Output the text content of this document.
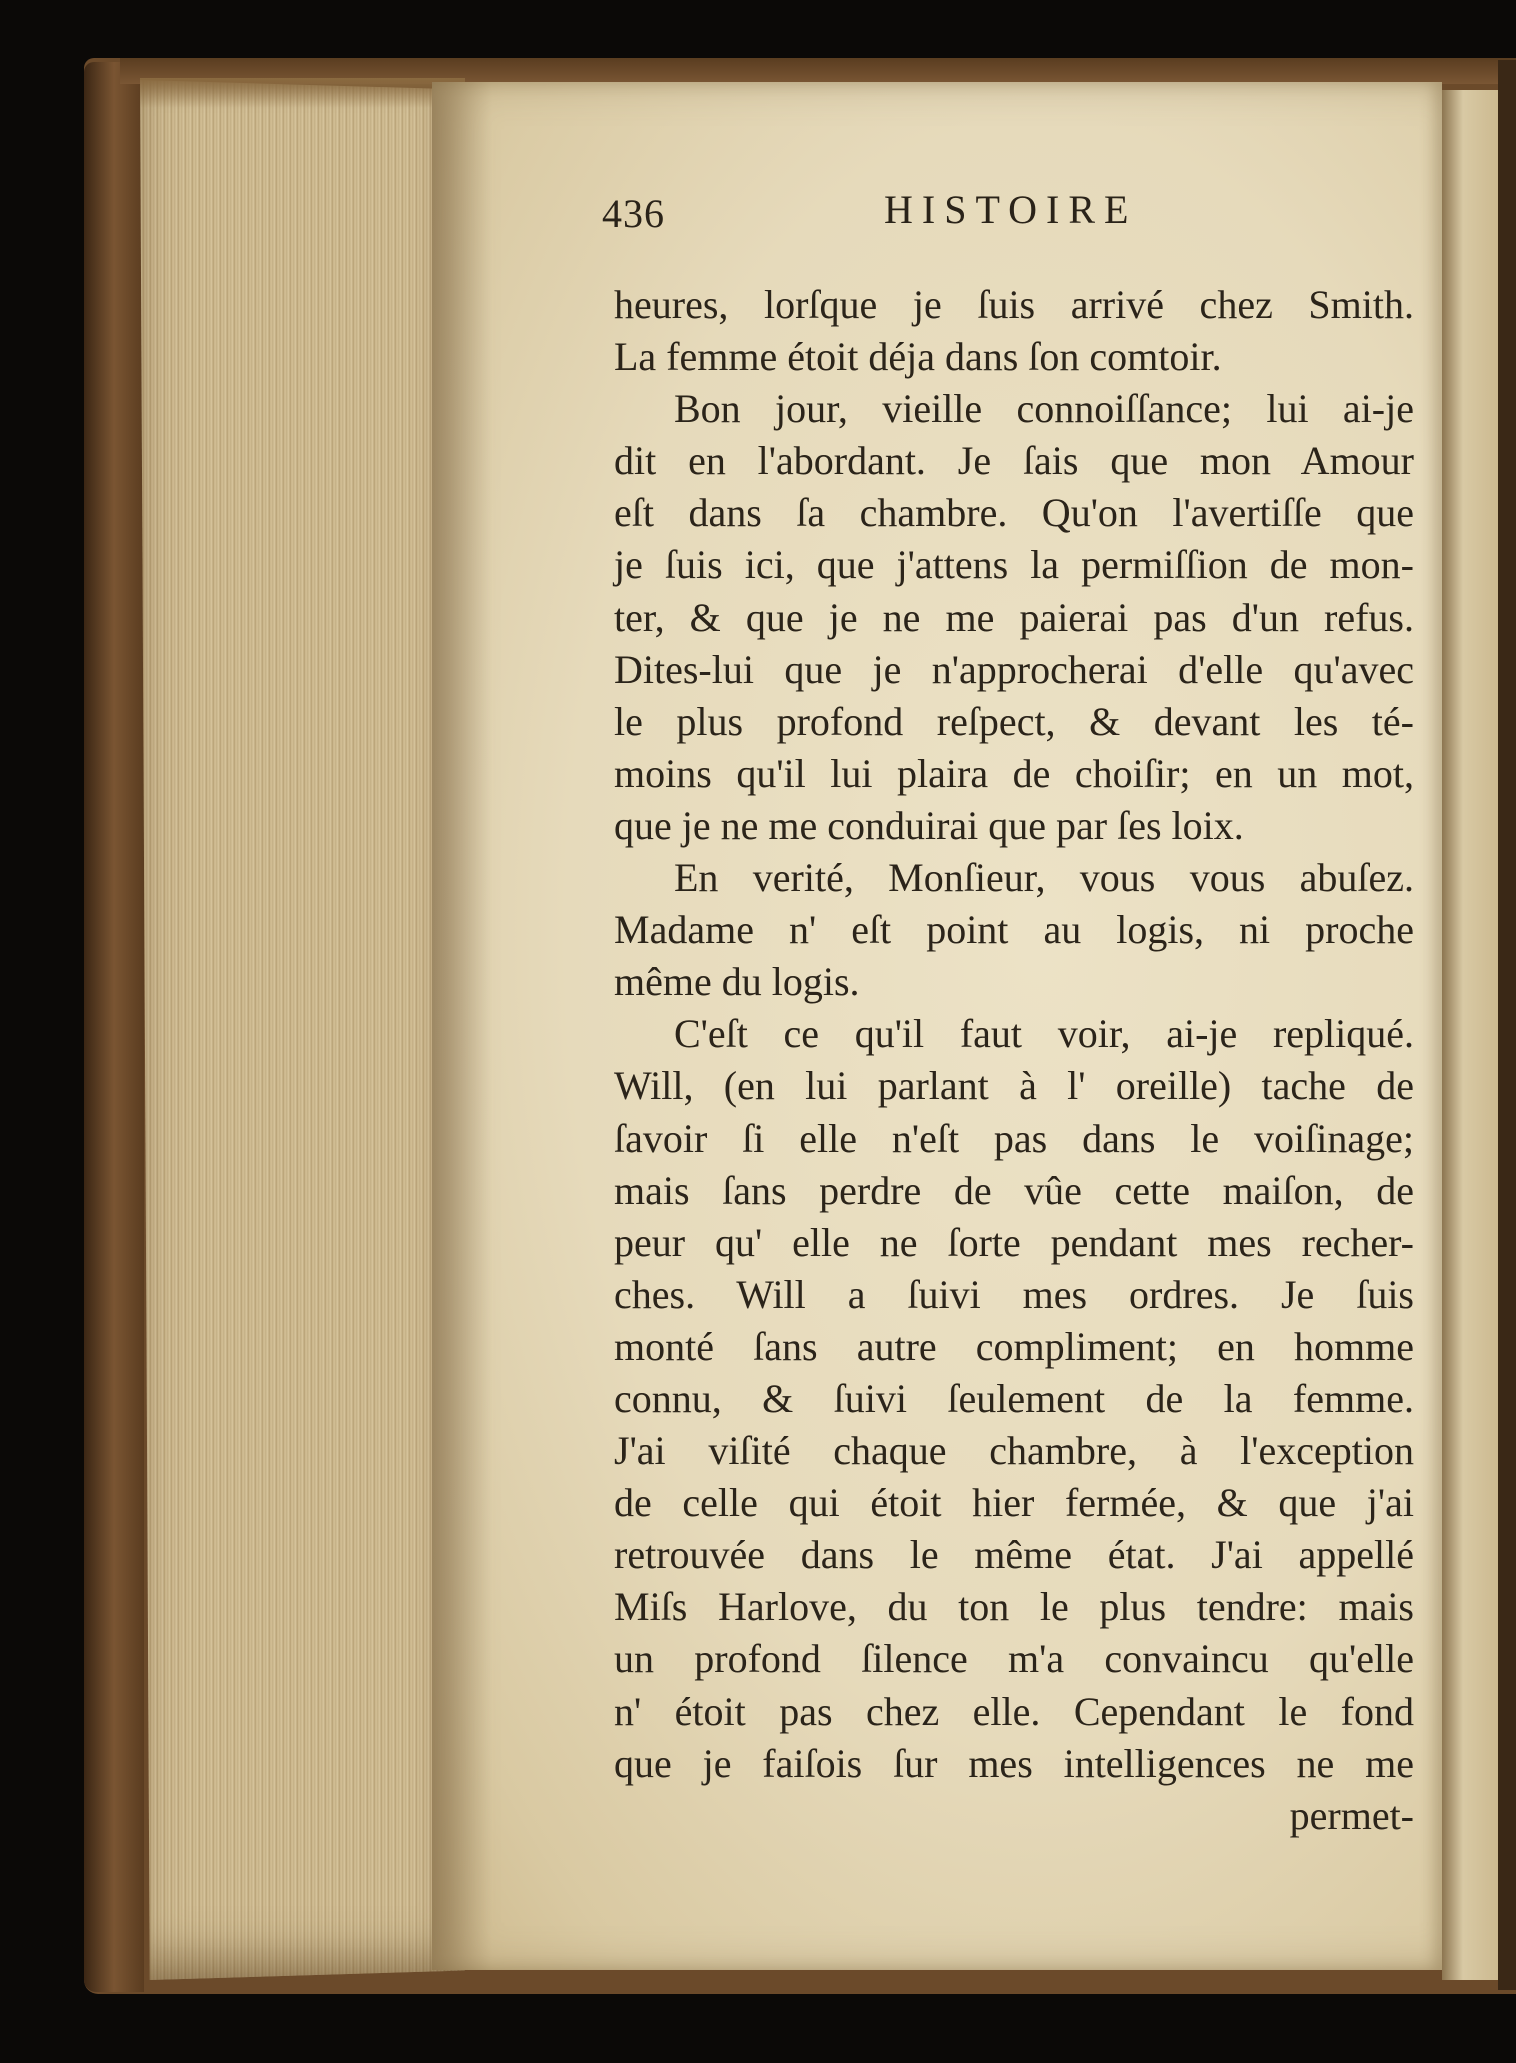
436	HISTOIRE
heures, lorſque je ſuis arrivé chez Smith.
La femme étoit déja dans ſon comtoir.
Bon jour, vieille connoiſſance; lui ai-je
dit en l'abordant. Je ſais que mon Amour
eſt dans ſa chambre. Qu'on l'avertiſſe que
je ſuis ici, que j'attens la permiſſion de mon-
ter, & que je ne me paierai pas d'un refus.
Dites-lui que je n'approcherai d'elle qu'avec
le plus profond reſpect, & devant les té-
moins qu'il lui plaira de choiſir; en un mot,
que je ne me conduirai que par ſes loix.
En verité, Monſieur, vous vous abuſez.
Madame n' eſt point au logis, ni proche
même du logis.
C'eſt ce qu'il faut voir, ai-je repliqué.
Will, (en lui parlant à l' oreille) tache de
ſavoir ſi elle n'eſt pas dans le voiſinage;
mais ſans perdre de vûe cette maiſon, de
peur qu' elle ne ſorte pendant mes recher-
ches. Will a ſuivi mes ordres. Je ſuis
monté ſans autre compliment; en homme
connu, & ſuivi ſeulement de la femme.
J'ai viſité chaque chambre, à l'exception
de celle qui étoit hier fermée, & que j'ai
retrouvée dans le même état. J'ai appellé
Miſs Harlove, du ton le plus tendre: mais
un profond ſilence m'a convaincu qu'elle
n' étoit pas chez elle. Cependant le fond
que je faiſois ſur mes intelligences ne me
permet-
